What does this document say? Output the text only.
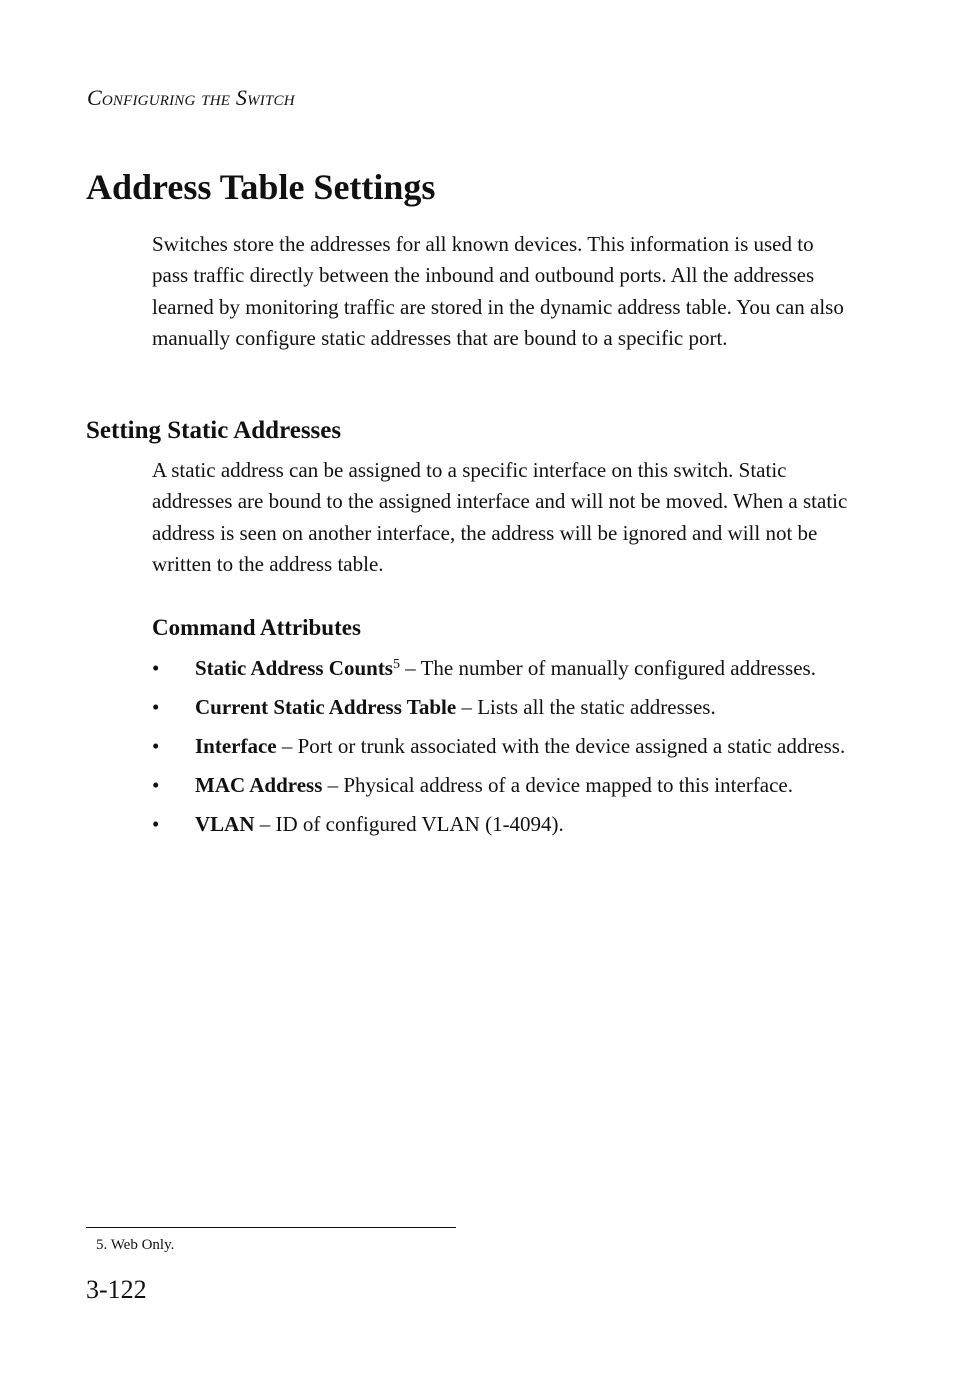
Configuring the Switch
Address Table Settings

Switches store the addresses for all known devices. This information is used to pass traffic directly between the inbound and outbound ports. All the addresses learned by monitoring traffic are stored in the dynamic address table. You can also manually configure static addresses that are bound to a specific port.

Setting Static Addresses

A static address can be assigned to a specific interface on this switch. Static addresses are bound to the assigned interface and will not be moved. When a static address is seen on another interface, the address will be ignored and will not be written to the address table.

Command Attributes
• Static Address Counts$^5$ – The number of manually configured addresses.
• Current Static Address Table – Lists all the static addresses.
• Interface – Port or trunk associated with the device assigned a static address.
• MAC Address – Physical address of a device mapped to this interface.
• VLAN – ID of configured VLAN (1-4094).
5. Web Only.
3-122
